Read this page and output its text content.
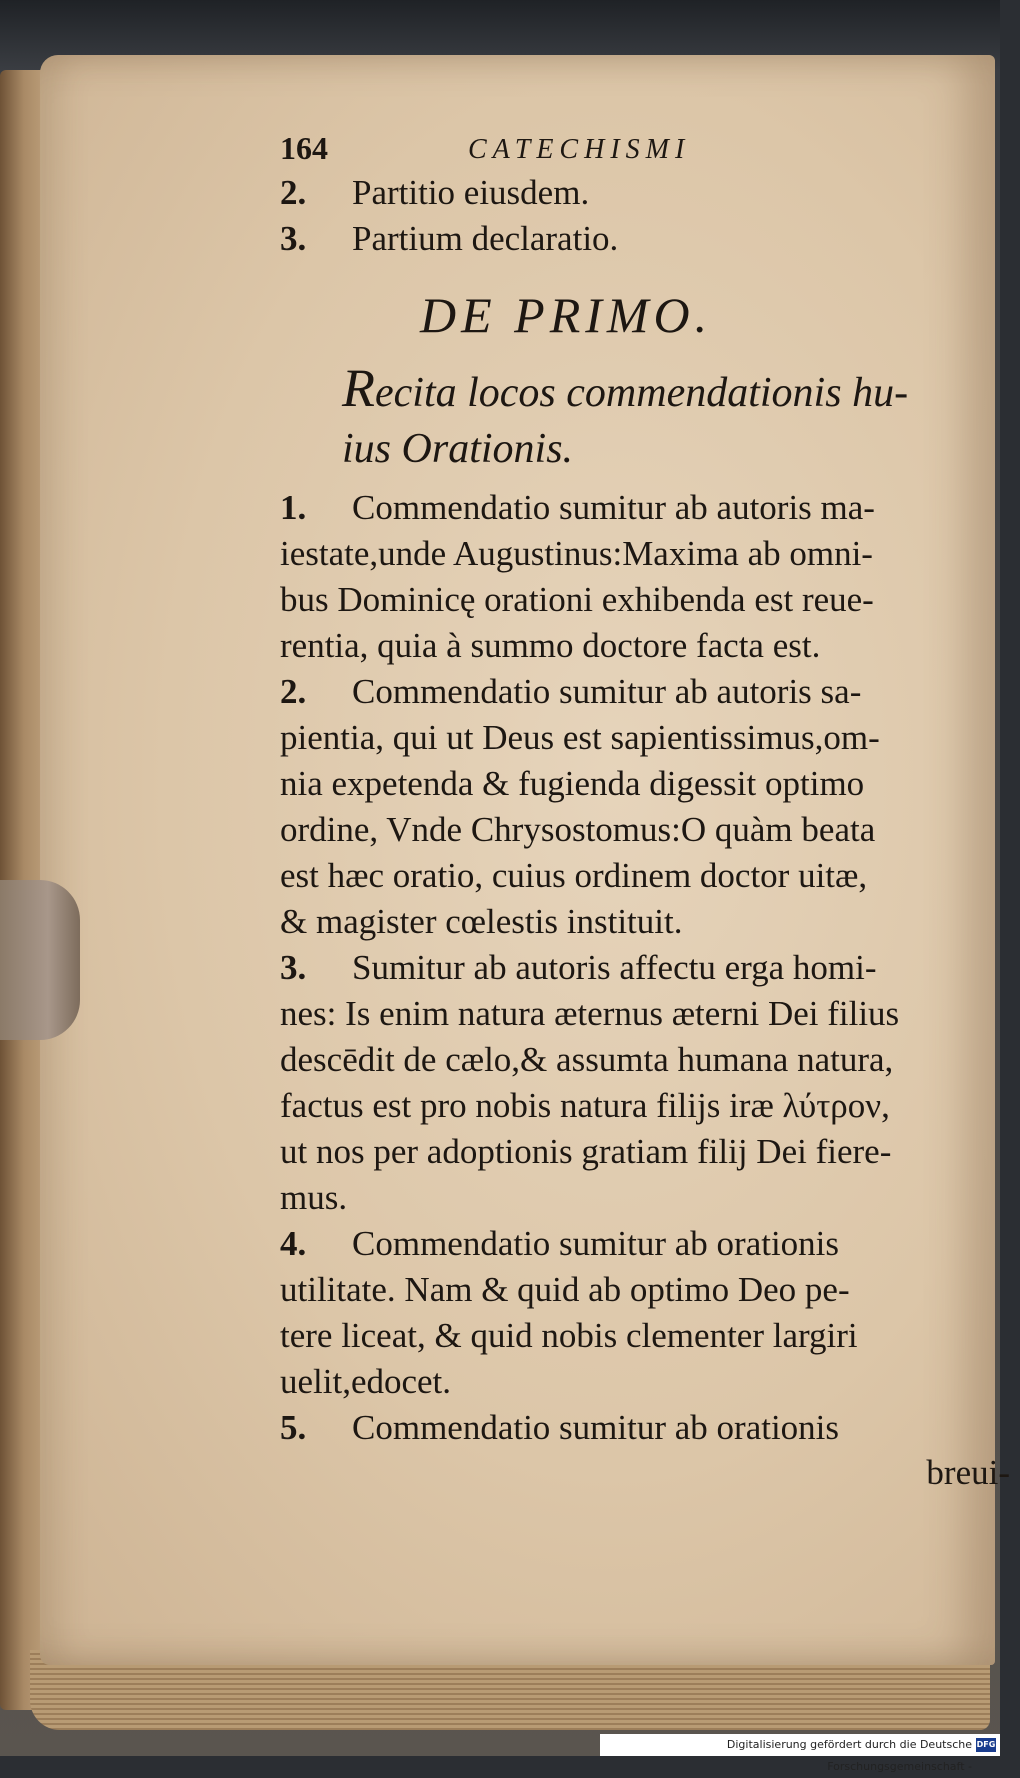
164	CATECHISMI
2. Partitio eiusdem.
3. Partium declaratio.
DE PRIMO.
Recita locos commendationis hu-
ius Orationis.
1. Commendatio sumitur ab autoris ma-
iestate,unde Augustinus:Maxima ab omni-
bus Dominicę orationi exhibenda est reue-
rentia, quia à summo doctore facta est.
2. Commendatio sumitur ab autoris sa-
pientia, qui ut Deus est sapientissimus,om-
nia expetenda & fugienda digessit optimo
ordine, Vnde Chrysostomus:O quàm beata
est hæc oratio, cuius ordinem doctor uitæ,
& magister cœlestis instituit.
3. Sumitur ab autoris affectu erga homi-
nes: Is enim natura æternus æterni Dei filius
descēdit de cælo,& assumta humana natura,
factus est pro nobis natura filijs iræ λύτρον,
ut nos per adoptionis gratiam filij Dei fiere-
mus.
4. Commendatio sumitur ab orationis
utilitate. Nam & quid ab optimo Deo pe-
tere liceat, & quid nobis clementer largiri
uelit,edocet.
5. Commendatio sumitur ab orationis
breui-
Digitalisierung gefördert durch die Deutsche Forschungsgemeinschaft -
DFG
